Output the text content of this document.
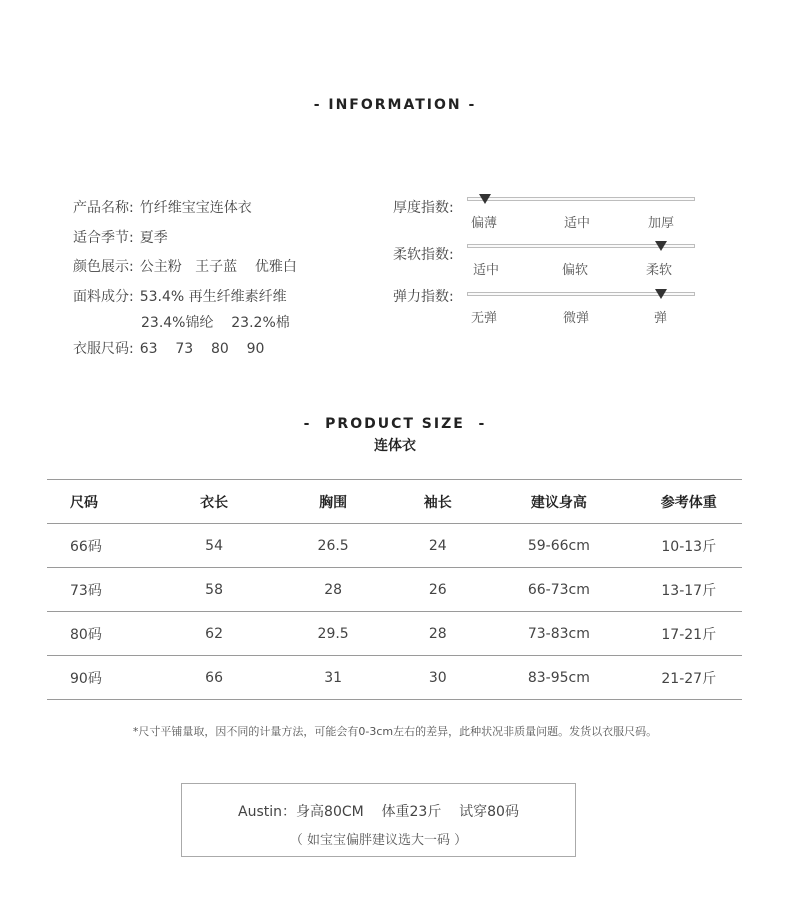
- INFORMATION -
产品名称: 竹纤维宝宝连体衣
适合季节: 夏季
颜色展示: 公主粉   王子蓝    优雅白
面料成分: 53.4% 再生纤维素纤维
23.4%锦纶    23.2%棉
衣服尺码: 63    73    80    90
厚度指数:
偏薄	适中	加厚
柔软指数:
适中	偏软	柔软
弹力指数:
无弹	微弹	弹
-  PRODUCT SIZE  -
连体衣
尺码	衣长	胸围	袖长	建议身高	参考体重
66码	54	26.5	24	59-66cm	10-13斤
73码	58	28	26	66-73cm	13-17斤
80码	62	29.5	28	73-83cm	17-21斤
90码	66	31	30	83-95cm	21-27斤
*尺寸平铺量取，因不同的计量方法，可能会有0-3cm左右的差异，此种状况非质量问题。发货以衣服尺码。
Austin：身高80CM    体重23斤    试穿80码
（ 如宝宝偏胖建议选大一码 ）
